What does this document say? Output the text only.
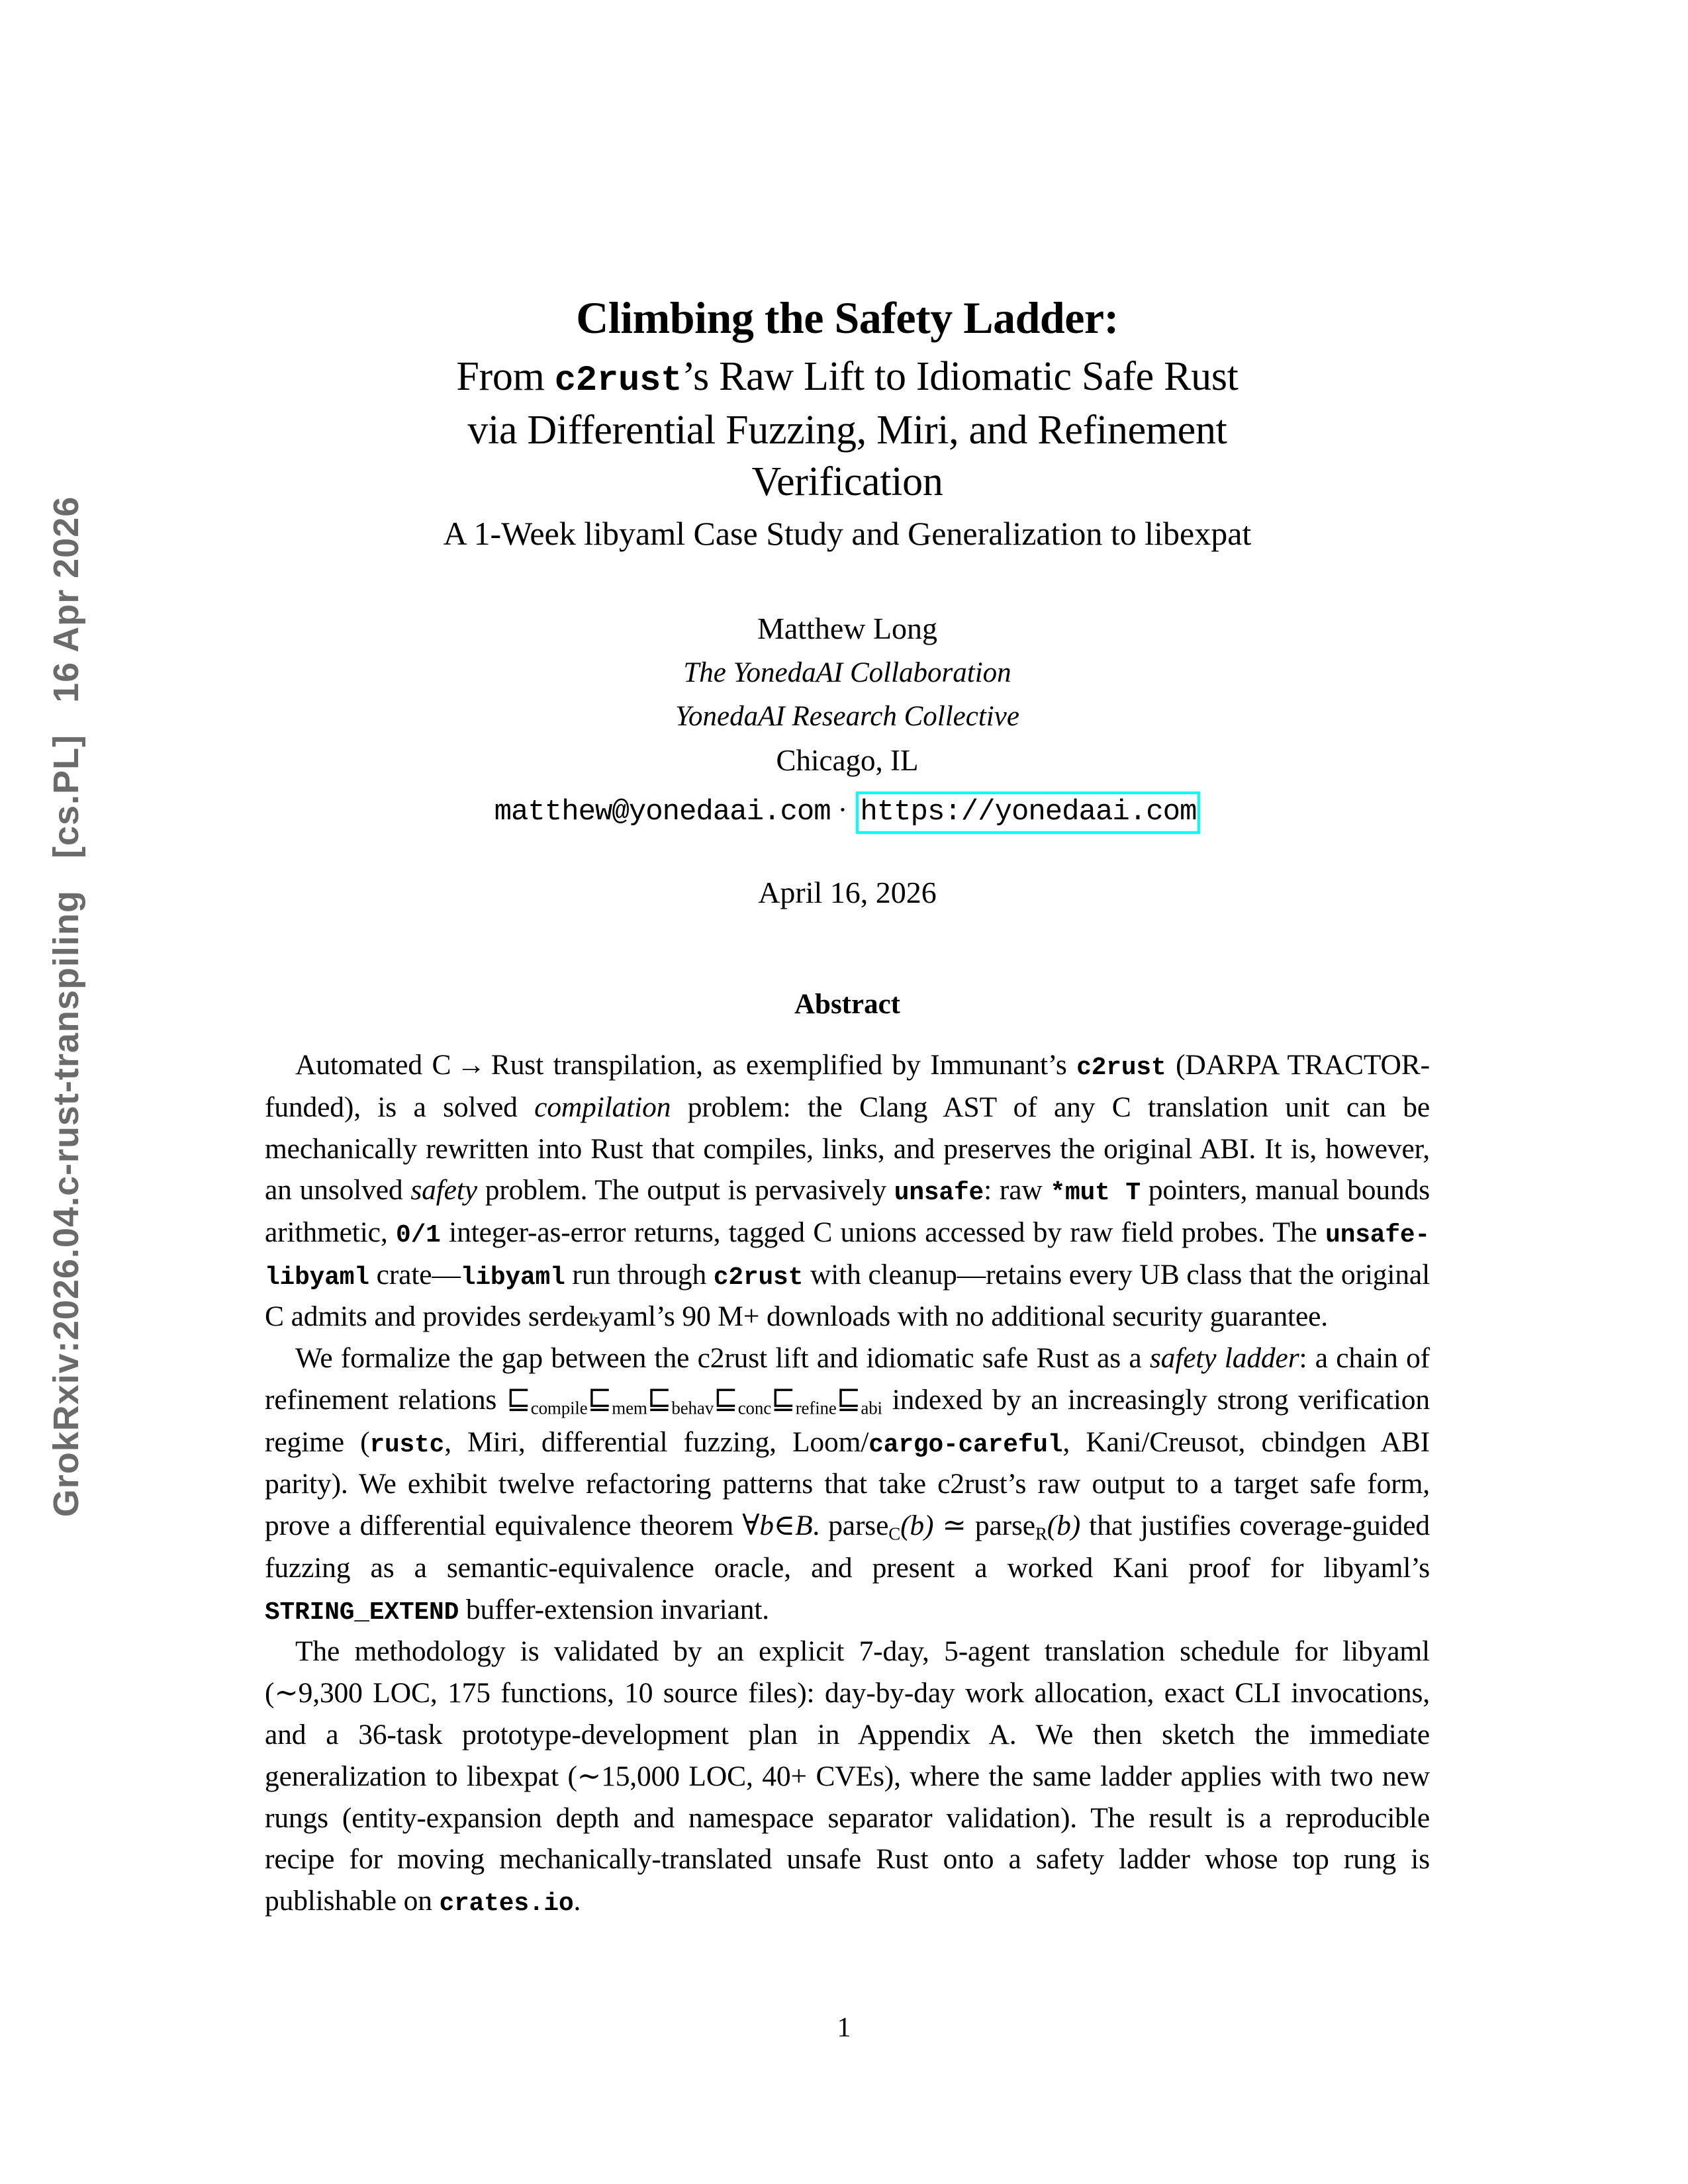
GrokRxiv:2026.04.c-rust-transpiling   [cs.PL]   16 Apr 2026
Climbing the Safety Ladder:
From c2rust’s Raw Lift to Idiomatic Safe Rust
via Differential Fuzzing, Miri, and Refinement
Verification
A 1-Week libyaml Case Study and Generalization to libexpat
Matthew Long
The YonedaAI Collaboration
YonedaAI Research Collective
Chicago, IL
matthew@yonedaai.com · https://yonedaai.com
April 16, 2026
Abstract

Automated C → Rust transpilation, as exemplified by Immunant’s c2rust (DARPA TRACTOR-funded), is a solved compilation problem: the Clang AST of any C translation unit can be mechanically rewritten into Rust that compiles, links, and preserves the original ABI. It is, however, an unsolved safety problem. The output is pervasively unsafe: raw *mut T pointers, manual bounds arithmetic, 0/1 integer-as-error returns, tagged C unions accessed by raw field probes. The unsafe-libyaml crate—libyaml run through c2rust with cleanup—retains every UB class that the original C admits and provides serdeₖyaml’s 90 M+ downloads with no additional security guarantee.

We formalize the gap between the c2rust lift and idiomatic safe Rust as a safety ladder: a chain of refinement relations $⊑_{compile}⊑_{mem}⊑_{behav}⊑_{conc}⊑_{refine}⊑_{abi}$ indexed by an increasingly strong verification regime (rustc, Miri, differential fuzzing, Loom/cargo-careful, Kani/Creusot, cbindgen ABI parity). We exhibit twelve refactoring patterns that take c2rust’s raw output to a target safe form, prove a differential equivalence theorem ∀b∈B. parse$_C$(b) ≃ parse$_R$(b) that justifies coverage-guided fuzzing as a semantic-equivalence oracle, and present a worked Kani proof for libyaml’s STRING_EXTEND buffer-extension invariant.

The methodology is validated by an explicit 7-day, 5-agent translation schedule for libyaml (∼9,300 LOC, 175 functions, 10 source files): day-by-day work allocation, exact CLI invocations, and a 36-task prototype-development plan in Appendix A. We then sketch the immediate generalization to libexpat (∼15,000 LOC, 40+ CVEs), where the same ladder applies with two new rungs (entity-expansion depth and namespace separator validation). The result is a reproducible recipe for moving mechanically-translated unsafe Rust onto a safety ladder whose top rung is publishable on crates.io.

1
